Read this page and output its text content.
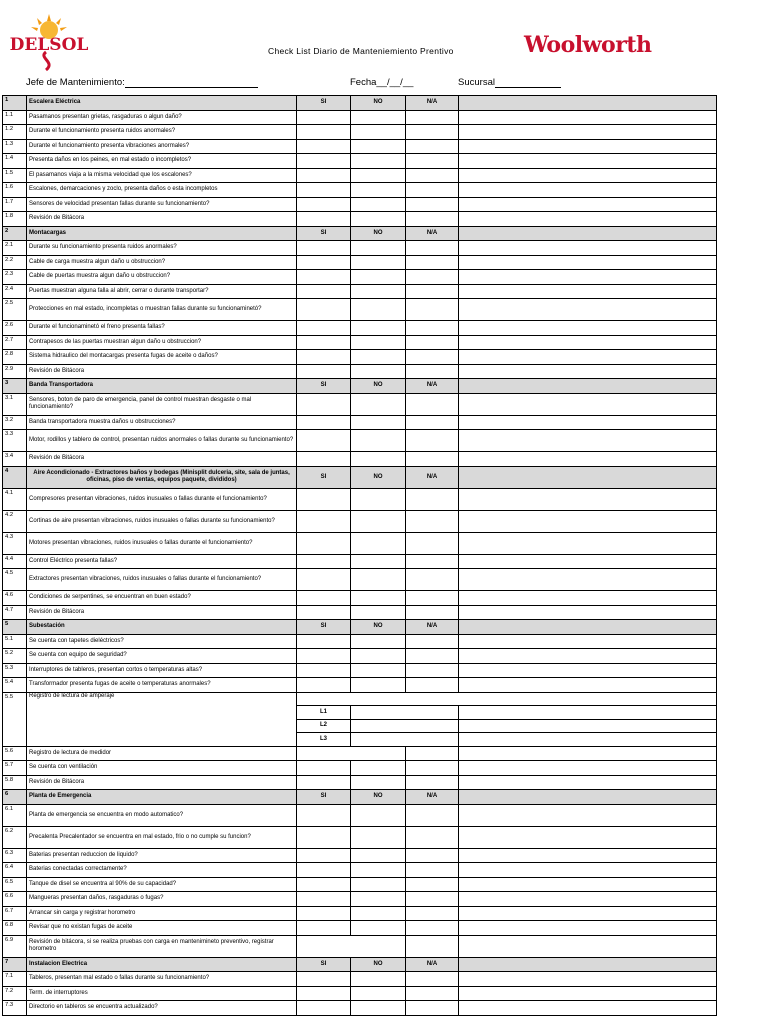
DELSOL	Check List Diario de Manteniemiento Prentivo	Woolworth
Jefe de Mantenimiento:	Fecha__/__/__	Sucursal
1	Escalera Eléctrica	SI	NO	N/A	
1.1	Pasamanos presentan grietas, rasgaduras o algun daño?				
1.2	Durante el funcionamiento presenta ruidos anormales?				
1.3	Durante el funcionamiento presenta vibraciones anormales?				
1.4	Presenta daños en los peines, en mal estado o incompletos?				
1.5	El pasamanos viaja a la misma velocidad que los escalones?				
1.6	Escalones, demarcaciones y zoclo, presenta daños o esta incompletos				
1.7	Sensores de velocidad presentan fallas durante su funcionamiento?				
1.8	Revisión de Bitácora				
2	Montacargas	SI	NO	N/A	
2.1	Durante su funcionamiento presenta ruidos anormales?				
2.2	Cable de carga muestra algun daño u obstruccion?				
2.3	Cable de puertas muestra algun daño u obstruccion?				
2.4	Puertas muestran alguna falla al abrir, cerrar o durante transportar?				
2.5	Protecciones en mal estado, incompletas o muestran fallas durante su funcionaminetó?				
2.6	Durante el funcionaminetó el freno presenta fallas?				
2.7	Contrapesos de las puertas muestran algun daño u obstruccion?				
2.8	Sistema hidraulico del montacargas presenta fugas de aceite o daños?				
2.9	Revisión de Bitácora				
3	Banda Transportadora	SI	NO	N/A	
3.1	Sensores, boton de paro de emergencia, panel de control muestran desgaste o mal funcionamiento?				
3.2	Banda transportadora muestra daños u obstrucciones?				
3.3	Motor, rodillos y tablero de control, presentan ruidos anormales o fallas durante su funcionamiento?				
3.4	Revisión de Bitácora				
4	Aire Acondicionado - Extractores baños y bodegas (Minisplit dulceria, site, sala de juntas, oficinas, piso de ventas, equipos paquete, divididos)	SI	NO	N/A	
4.1	Compresores presentan vibraciones, ruidos inusuales o fallas durante el funcionamiento?				
4.2	Cortinas de aire presentan vibraciones, ruidos inusuales o fallas durante su funcionamiento?				
4.3	Motores presentan vibraciones, ruidos inusuales o fallas durante el funcionamiento?				
4.4	Control Eléctrico presenta fallas?				
4.5	Extractores presentan vibraciones, ruidos inusuales o fallas durante el funcionamiento?				
4.6	Condiciones de serpentines, se encuentran en buen estado?				
4.7	Revisión de Bitácora				
5	Subestación	SI	NO	N/A	
5.1	Se cuenta con tapetes dieléctricos?				
5.2	Se cuenta con equipo de seguridad?				
5.3	Interruptores de tableros, presentan cortos o temperaturas altas?				
5.4	Transformador presenta fugas de aceite o temperaturas anormales?				
5.5	Registro de lectura de amperaje				
		L1			
		L2			
		L3			
5.6	Registro de lectura de medidor				
5.7	Se cuenta con ventilación				
5.8	Revisión de Bitácora				
6	Planta de Emergencia	SI	NO	N/A	
6.1	Planta de emergencia se encuentra en modo automatico?				
6.2	Precalenta Precalentador se encuentra en mal estado, frio o no cumple su funcion?				
6.3	Baterias presentan reduccion de liquido?				
6.4	Baterias conectadas correctamente?				
6.5	Tanque de disel se encuentra al 90% de su capacidad?				
6.6	Mangueras presentan daños, rasgaduras o fugas?				
6.7	Arrancar sin carga y registrar horometro				
6.8	Revisar que no existan fugas de aceite				
6.9	Revisión de bitácora, si se realiza pruebas con carga en mantenimineto preventivo, registrar horometro				
7	Instalacion Electrica	SI	NO	N/A	
7.1	Tableros, presentan mal estado o fallas durante su funcionamiento?				
7.2	Term. de interruptores				
7.3	Directorio en tableros se encuentra actualizado?				
